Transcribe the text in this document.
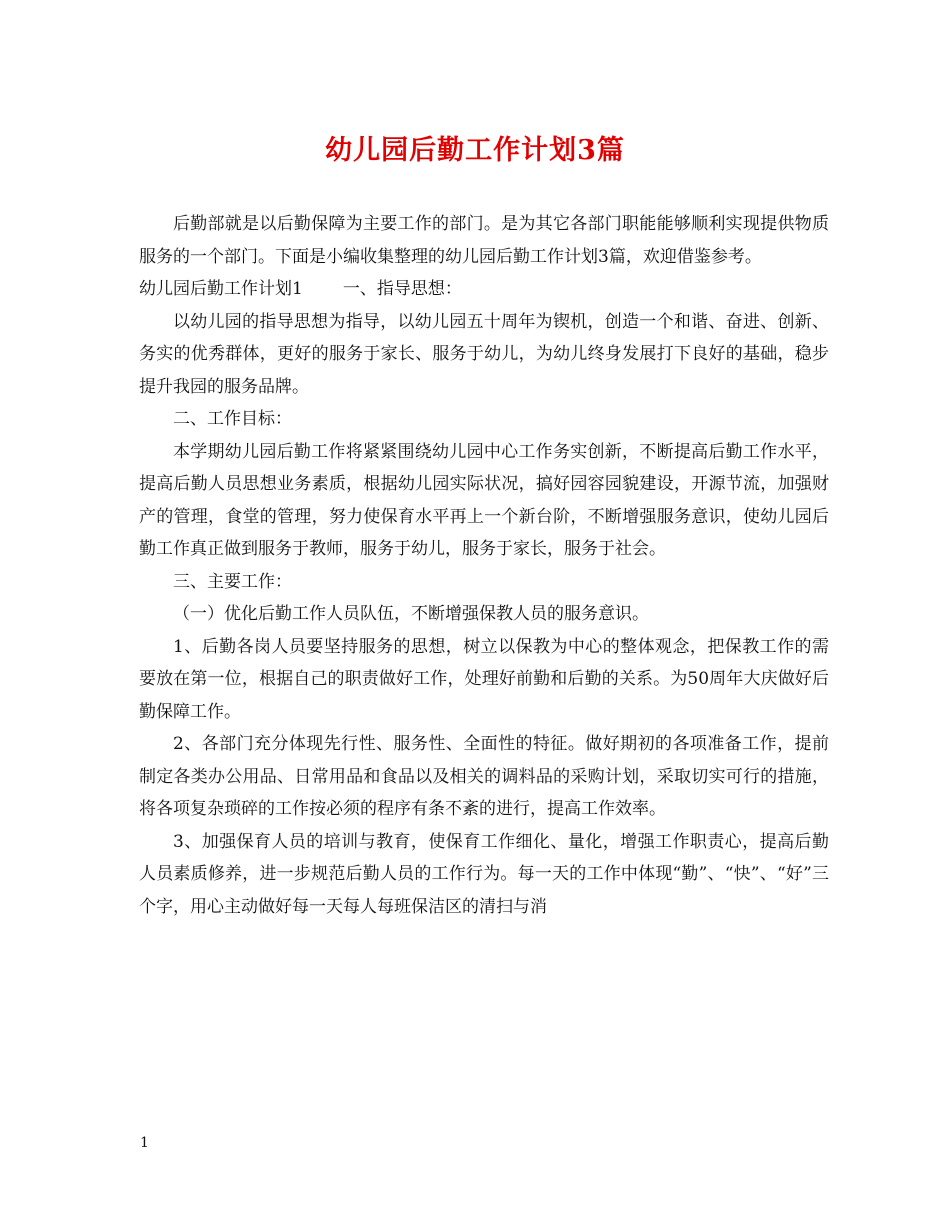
幼儿园后勤工作计划3篇

后勤部就是以后勤保障为主要工作的部门。是为其它各部门职能能够顺利实现提供物质服务的一个部门。下面是小编收集整理的幼儿园后勤工作计划3篇，欢迎借鉴参考。

幼儿园后勤工作计划1 一、指导思想：

以幼儿园的指导思想为指导，以幼儿园五十周年为锲机，创造一个和谐、奋进、创新、务实的优秀群体，更好的服务于家长、服务于幼儿，为幼儿终身发展打下良好的基础，稳步提升我园的服务品牌。

二、工作目标：

本学期幼儿园后勤工作将紧紧围绕幼儿园中心工作务实创新，不断提高后勤工作水平，提高后勤人员思想业务素质，根据幼儿园实际状况，搞好园容园貌建设，开源节流，加强财产的管理，食堂的管理，努力使保育水平再上一个新台阶，不断增强服务意识，使幼儿园后勤工作真正做到服务于教师，服务于幼儿，服务于家长，服务于社会。

三、主要工作：

（一）优化后勤工作人员队伍，不断增强保教人员的服务意识。

1、后勤各岗人员要坚持服务的思想，树立以保教为中心的整体观念，把保教工作的需要放在第一位，根据自己的职责做好工作，处理好前勤和后勤的关系。为50周年大庆做好后勤保障工作。

2、各部门充分体现先行性、服务性、全面性的特征。做好期初的各项准备工作，提前制定各类办公用品、日常用品和食品以及相关的调料品的采购计划，采取切实可行的措施，将各项复杂琐碎的工作按必须的程序有条不紊的进行，提高工作效率。

3、加强保育人员的培训与教育，使保育工作细化、量化，增强工作职责心，提高后勤人员素质修养，进一步规范后勤人员的工作行为。每一天的工作中体现“勤”、“快”、“好”三个字，用心主动做好每一天每人每班保洁区的清扫与消

1
